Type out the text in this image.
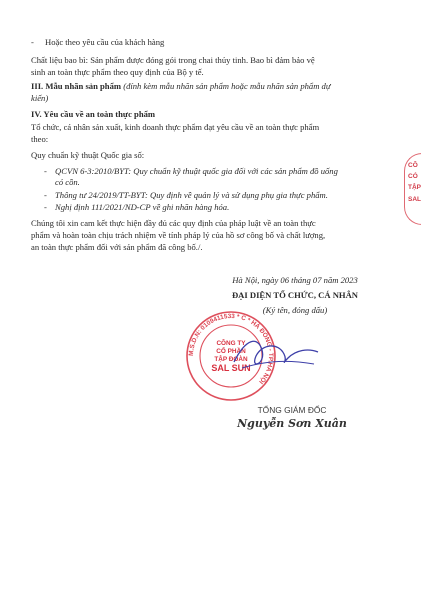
- Hoặc theo yêu cầu của khách hàng
Chất liệu bao bì: Sản phẩm được đóng gói trong chai thủy tinh. Bao bì đảm bảo vệ
sinh an toàn thực phẩm theo quy định của Bộ y tế.
III. Mẫu nhãn sản phẩm (đính kèm mẫu nhãn sản phẩm hoặc mẫu nhãn sản phẩm dự
kiến)
IV. Yêu cầu về an toàn thực phẩm
Tổ chức, cá nhân sản xuất, kinh doanh thực phẩm đạt yêu cầu về an toàn thực phẩm
theo:
Quy chuẩn kỹ thuật Quốc gia số:
- QCVN 6-3:2010/BYT: Quy chuẩn kỹ thuật quốc gia đối với các sản phẩm đồ uống
có cồn.
- Thông tư 24/2019/TT-BYT: Quy định về quản lý và sử dụng phụ gia thực phẩm.
- Nghị định 111/2021/ND-CP về ghi nhãn hàng hóa.
Chúng tôi xin cam kết thực hiện đầy đủ các quy định của pháp luật về an toàn thực
phẩm và hoàn toàn chịu trách nhiệm về tính pháp lý của hồ sơ công bố và chất lượng,
an toàn thực phẩm đối với sản phẩm đã công bố./.
Hà Nội, ngày 06 tháng 07 năm 2023
ĐẠI DIỆN TỔ CHỨC, CÁ NHÂN
(Ký tên, đóng dấu)
M.S.D.N: 0109411533 * C * HÀ ĐÔNG - TP.HÀ NỘI
CÔNG TY
CỔ PHẦN
TẬP ĐOÀN
SAL SUN
TỔNG GIÁM ĐỐC
Nguyễn Sơn Xuân
CÔ
CÓ
TẬP
SAL
